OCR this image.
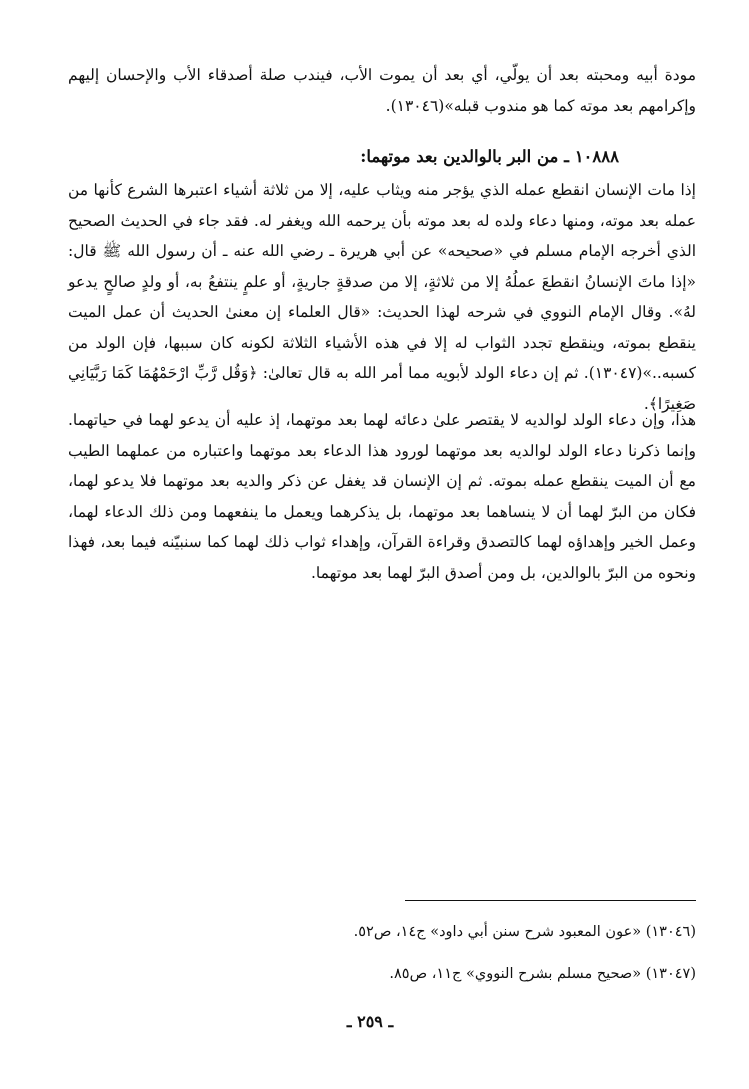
مودة أبيه ومحبته بعد أن يولّي، أي بعد أن يموت الأب، فيندب صلة أصدقاء الأب والإحسان إليهم وإكرامهم بعد موته كما هو مندوب قبله»(١٣٠٤٦).

١٠٨٨٨ ـ من البر بالوالدين بعد موتهما:

إذا مات الإنسان انقطع عمله الذي يؤجر منه ويثاب عليه، إلا من ثلاثة أشياء اعتبرها الشرع كأنها من عمله بعد موته، ومنها دعاء ولده له بعد موته بأن يرحمه الله ويغفر له. فقد جاء في الحديث الصحيح الذي أخرجه الإمام مسلم في «صحيحه» عن أبي هريرة ـ رضي الله عنه ـ أن رسول الله ﷺ قال: «إذا ماتَ الإنسانُ انقطعَ عملُهُ إلا من ثلاثةٍ، إلا من صدقةٍ جاريةٍ، أو علمٍ ينتفعُ به، أو ولدٍ صالحٍ يدعو لهُ». وقال الإمام النووي في شرحه لهذا الحديث: «قال العلماء إن معنىٰ الحديث أن عمل الميت ينقطع بموته، وينقطع تجدد الثواب له إلا في هذه الأشياء الثلاثة لكونه كان سببها، فإن الولد من كسبه..»(١٣٠٤٧). ثم إن دعاء الولد لأبويه مما أمر الله به قال تعالىٰ: ﴿وَقُل رَّبِّ ارْحَمْهُمَا كَمَا رَبَّيَانِي صَغِيرًا﴾.

هذا، وإن دعاء الولد لوالديه لا يقتصر علىٰ دعائه لهما بعد موتهما، إذ عليه أن يدعو لهما في حياتهما. وإنما ذكرنا دعاء الولد لوالديه بعد موتهما لورود هذا الدعاء بعد موتهما واعتباره من عملهما الطيب مع أن الميت ينقطع عمله بموته. ثم إن الإنسان قد يغفل عن ذكر والديه بعد موتهما فلا يدعو لهما، فكان من البرّ لهما أن لا ينساهما بعد موتهما، بل يذكرهما ويعمل ما ينفعهما ومن ذلك الدعاء لهما، وعمل الخير وإهداؤه لهما كالتصدق وقراءة القرآن، وإهداء ثواب ذلك لهما كما سنبيّنه فيما بعد، فهذا ونحوه من البرّ بالوالدين، بل ومن أصدق البرّ لهما بعد موتهما.

(١٣٠٤٦) «عون المعبود شرح سنن أبي داود» ج١٤، ص٥٢.
(١٣٠٤٧) «صحيح مسلم بشرح النووي» ج١١، ص٨٥.
ـ ٢٥٩ ـ
